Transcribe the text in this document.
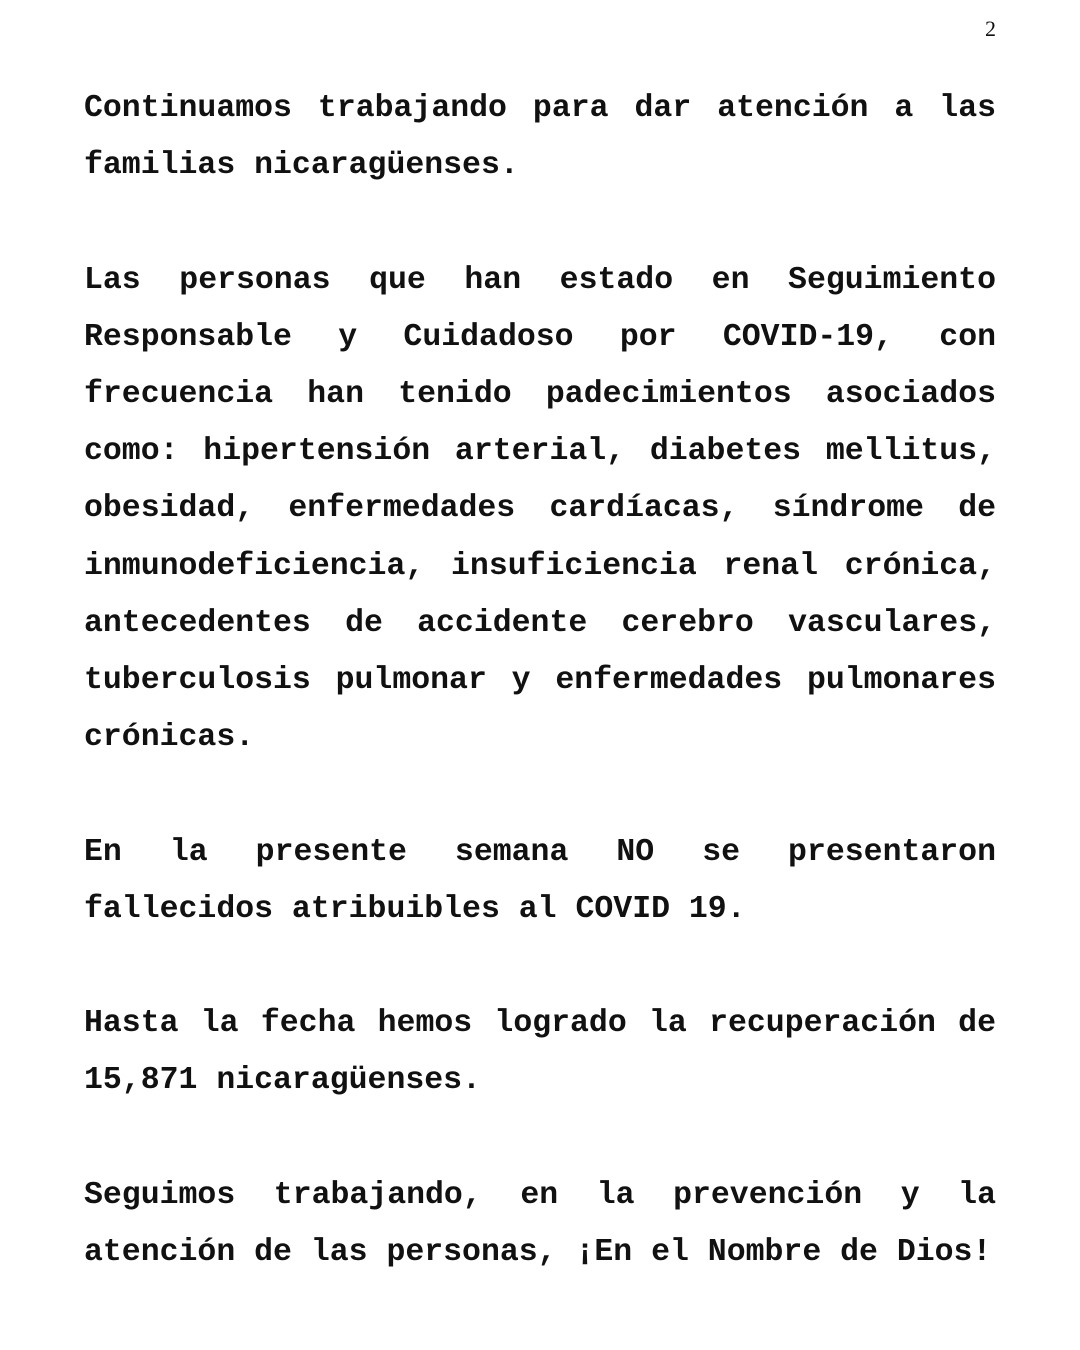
2

Continuamos trabajando para dar atención a las familias nicaragüenses.

Las personas que han estado en Seguimiento Responsable y Cuidadoso por COVID-19, con frecuencia han tenido padecimientos asociados como: hipertensión arterial, diabetes mellitus, obesidad, enfermedades cardíacas, síndrome de inmunodeficiencia, insuficiencia renal crónica, antecedentes de accidente cerebro vasculares, tuberculosis pulmonar y enfermedades pulmonares crónicas.

En la presente semana NO se presentaron fallecidos atribuibles al COVID 19.

Hasta la fecha hemos logrado la recuperación de 15,871 nicaragüenses.

Seguimos trabajando, en la prevención y la atención de las personas, ¡En el Nombre de Dios!
